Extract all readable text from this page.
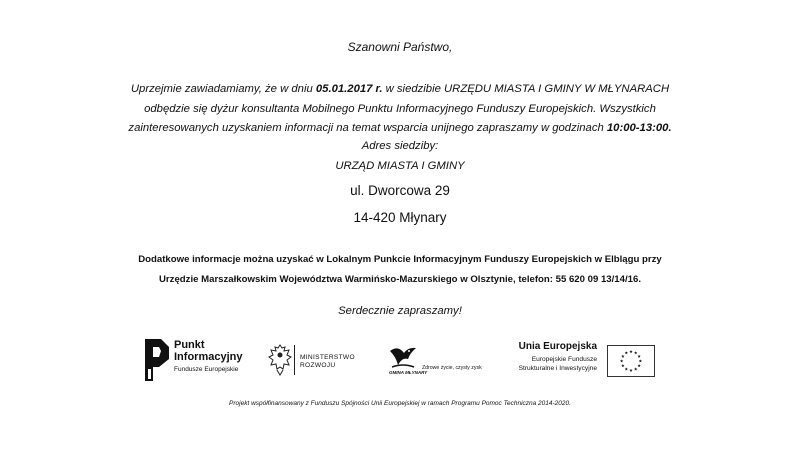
Szanowni Państwo,
Uprzejmie zawiadamiamy, że w dniu 05.01.2017 r. w siedzibie URZĘDU MIASTA I GMINY W MŁYNARACH
odbędzie się dyżur konsultanta Mobilnego Punktu Informacyjnego Funduszy Europejskich. Wszystkich
zainteresowanych uzyskaniem informacji na temat wsparcia unijnego zapraszamy w godzinach 10:00-13:00.
Adres siedziby:
URZĄD MIASTA I GMINY
ul. Dworcowa 29
14-420 Młynary
Dodatkowe informacje można uzyskać w Lokalnym Punkcie Informacyjnym Funduszy Europejskich w Elblągu przy
Urzędzie Marszałkowskim Województwa Warmińsko-Mazurskiego w Olsztynie, telefon: 55 620 09 13/14/16.
Serdecznie zapraszamy!
Punkt
Informacyjny
Fundusze Europejskie
MINISTERSTWO
ROZWOJU
GMINA MŁYNARY
Zdrowe życie, czysty zysk
Unia Europejska
Europejskie Fundusze
Strukturalne i Inwestycyjne
Projekt współfinansowany z Funduszu Spójności Unii Europejskiej w ramach Programu Pomoc Techniczna 2014-2020.
